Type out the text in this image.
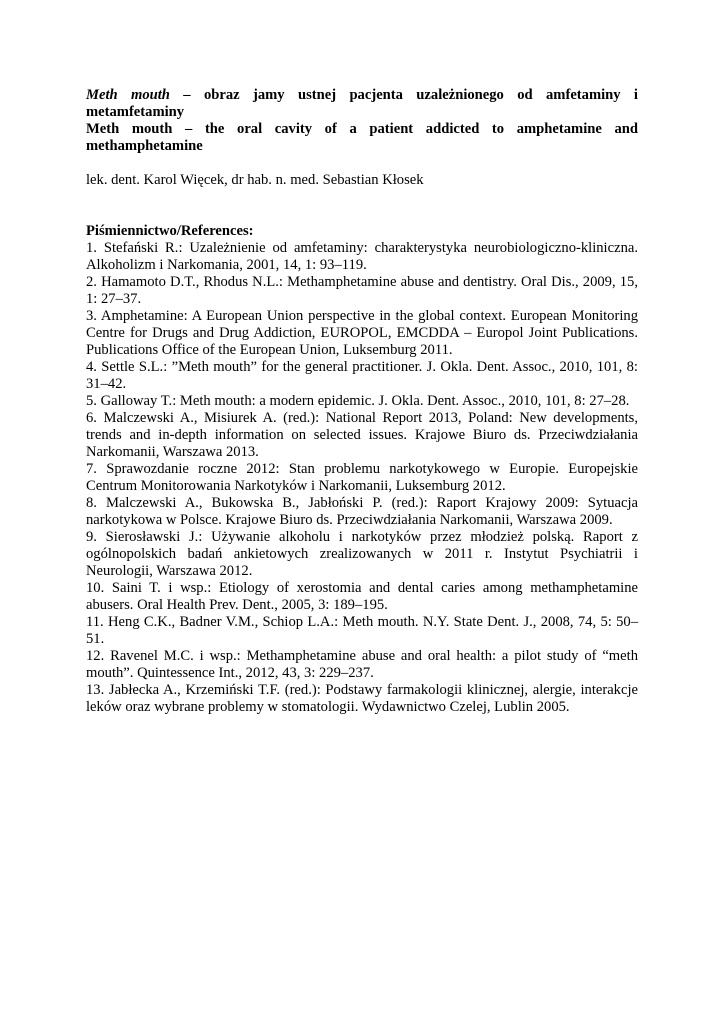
Meth mouth – obraz jamy ustnej pacjenta uzależnionego od amfetaminy i metamfetaminy

Meth mouth – the oral cavity of a patient addicted to amphetamine and methamphetamine

lek. dent. Karol Więcek, dr hab. n. med. Sebastian Kłosek

Piśmiennictwo/References:

1. Stefański R.: Uzależnienie od amfetaminy: charakterystyka neurobiologiczno-kliniczna. Alkoholizm i Narkomania, 2001, 14, 1: 93–119.
2. Hamamoto D.T., Rhodus N.L.: Methamphetamine abuse and dentistry. Oral Dis., 2009, 15, 1: 27–37.
3. Amphetamine: A European Union perspective in the global context. European Monitoring Centre for Drugs and Drug Addiction, EUROPOL, EMCDDA – Europol Joint Publications. Publications Office of the European Union, Luksemburg 2011.
4. Settle S.L.: ”Meth mouth” for the general practitioner. J. Okla. Dent. Assoc., 2010, 101, 8: 31–42.
5. Galloway T.: Meth mouth: a modern epidemic. J. Okla. Dent. Assoc., 2010, 101, 8: 27–28.
6. Malczewski A., Misiurek A. (red.): National Report 2013, Poland: New developments, trends and in-depth information on selected issues. Krajowe Biuro ds. Przeciwdziałania Narkomanii, Warszawa 2013.
7. Sprawozdanie roczne 2012: Stan problemu narkotykowego w Europie. Europejskie Centrum Monitorowania Narkotyków i Narkomanii, Luksemburg 2012.
8. Malczewski A., Bukowska B., Jabłoński P. (red.): Raport Krajowy 2009: Sytuacja narkotykowa w Polsce. Krajowe Biuro ds. Przeciwdziałania Narkomanii, Warszawa 2009.
9. Sierosławski J.: Używanie alkoholu i narkotyków przez młodzież polską. Raport z ogólnopolskich badań ankietowych zrealizowanych w 2011 r. Instytut Psychiatrii i Neurologii, Warszawa 2012.
10. Saini T. i wsp.: Etiology of xerostomia and dental caries among methamphetamine abusers. Oral Health Prev. Dent., 2005, 3: 189–195.
11. Heng C.K., Badner V.M., Schiop L.A.: Meth mouth. N.Y. State Dent. J., 2008, 74, 5: 50–51.
12. Ravenel M.C. i wsp.: Methamphetamine abuse and oral health: a pilot study of “meth mouth”. Quintessence Int., 2012, 43, 3: 229–237.
13. Jabłecka A., Krzemiński T.F. (red.): Podstawy farmakologii klinicznej, alergie, interakcje leków oraz wybrane problemy w stomatologii. Wydawnictwo Czelej, Lublin 2005.
